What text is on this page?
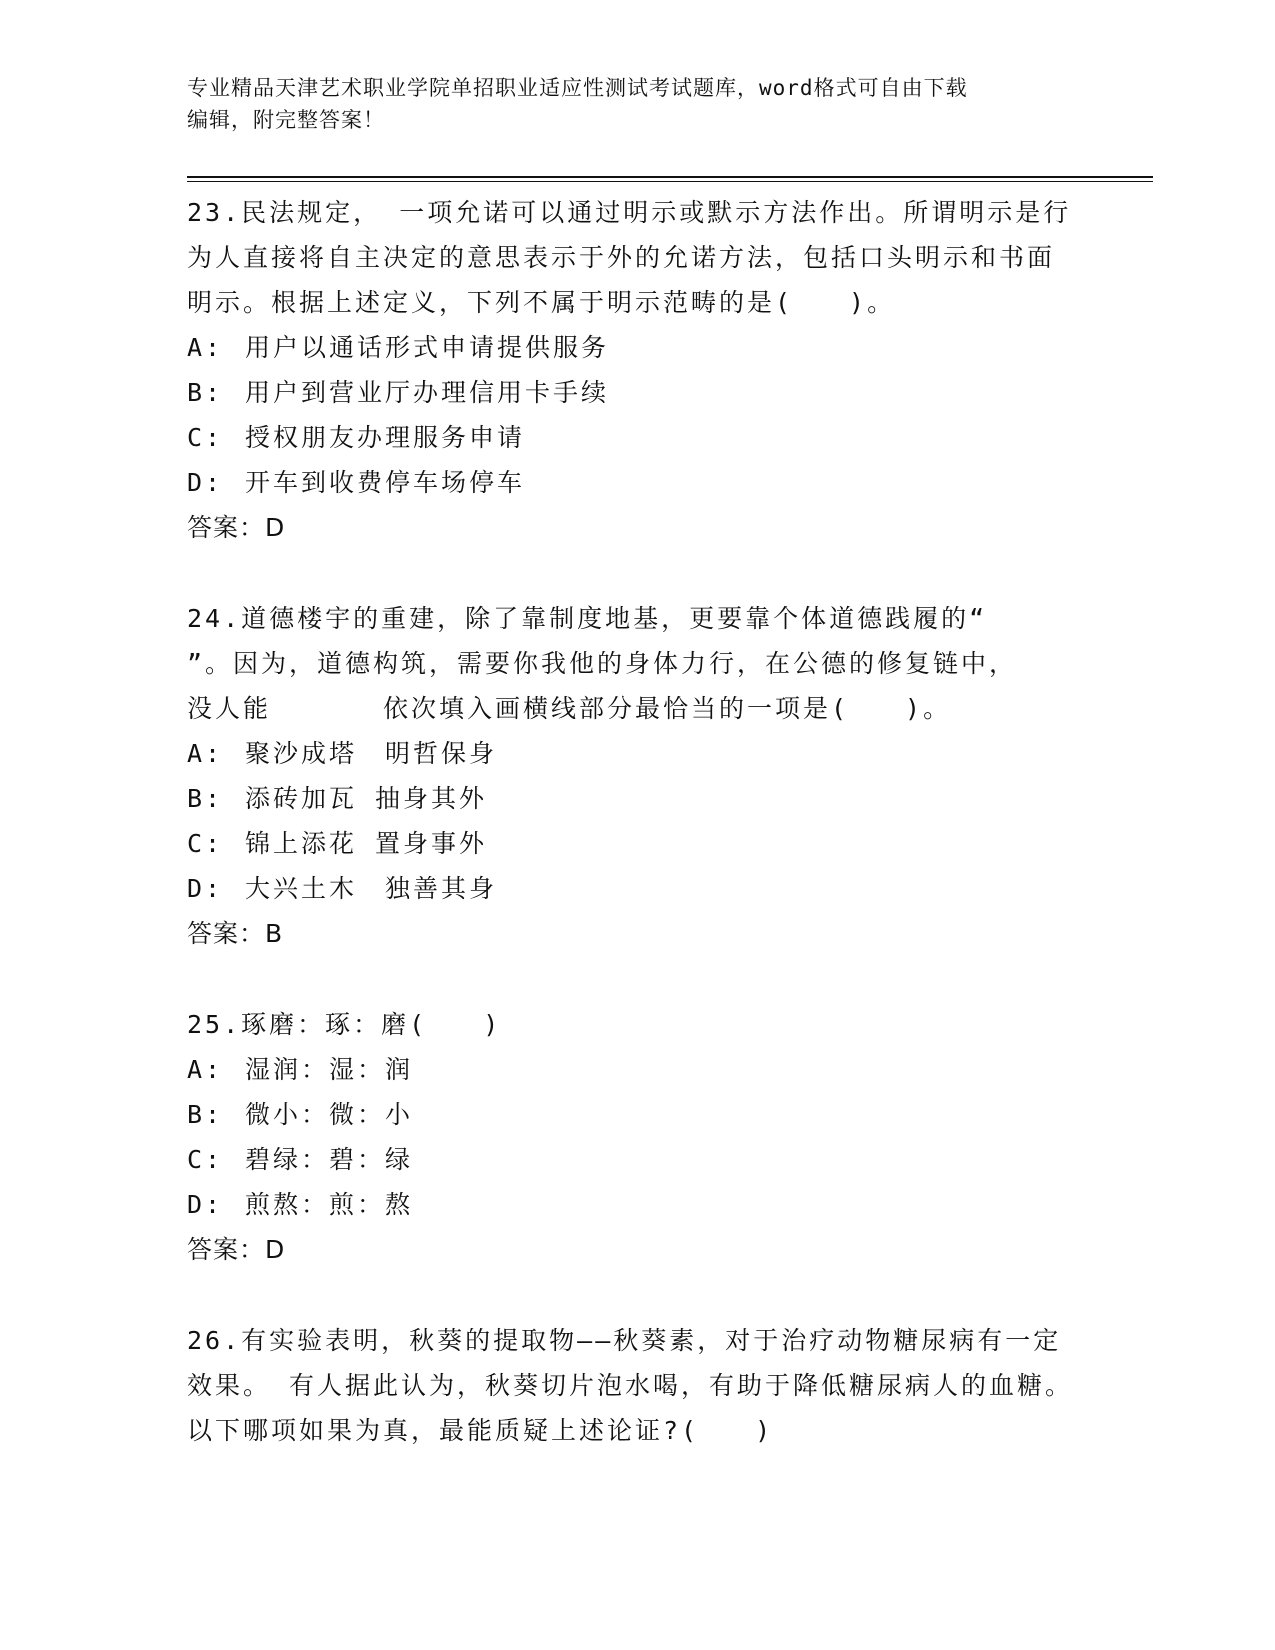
专业精品天津艺术职业学院单招职业适应性测试考试题库，word格式可自由下载
编辑，附完整答案！
23.民法规定， 一项允诺可以通过明示或默示方法作出。所谓明示是行为人直接将自主决定的意思表示于外的允诺方法，包括口头明示和书面明示。根据上述定义，下列不属于明示范畴的是(　　)。
A: 用户以通话形式申请提供服务
B: 用户到营业厅办理信用卡手续
C: 授权朋友办理服务申请
D: 开车到收费停车场停车
答案：D
24.道德楼宇的重建，除了靠制度地基，更要靠个体道德践履的“
”。因为，道德构筑，需要你我他的身体力行，在公德的修复链中，
没人能　　　　依次填入画横线部分最恰当的一项是(　　)。
A: 聚沙成塔　明哲保身
B: 添砖加瓦 抽身其外
C: 锦上添花 置身事外
D: 大兴土木　独善其身
答案：B
25.琢磨：琢：磨(　　)
A: 湿润：湿：润
B: 微小：微：小
C: 碧绿：碧：绿
D: 煎熬：煎：熬
答案：D
26.有实验表明，秋葵的提取物——秋葵素，对于治疗动物糖尿病有一定效果。 有人据此认为，秋葵切片泡水喝，有助于降低糖尿病人的血糖。以下哪项如果为真，最能质疑上述论证?(　　)
